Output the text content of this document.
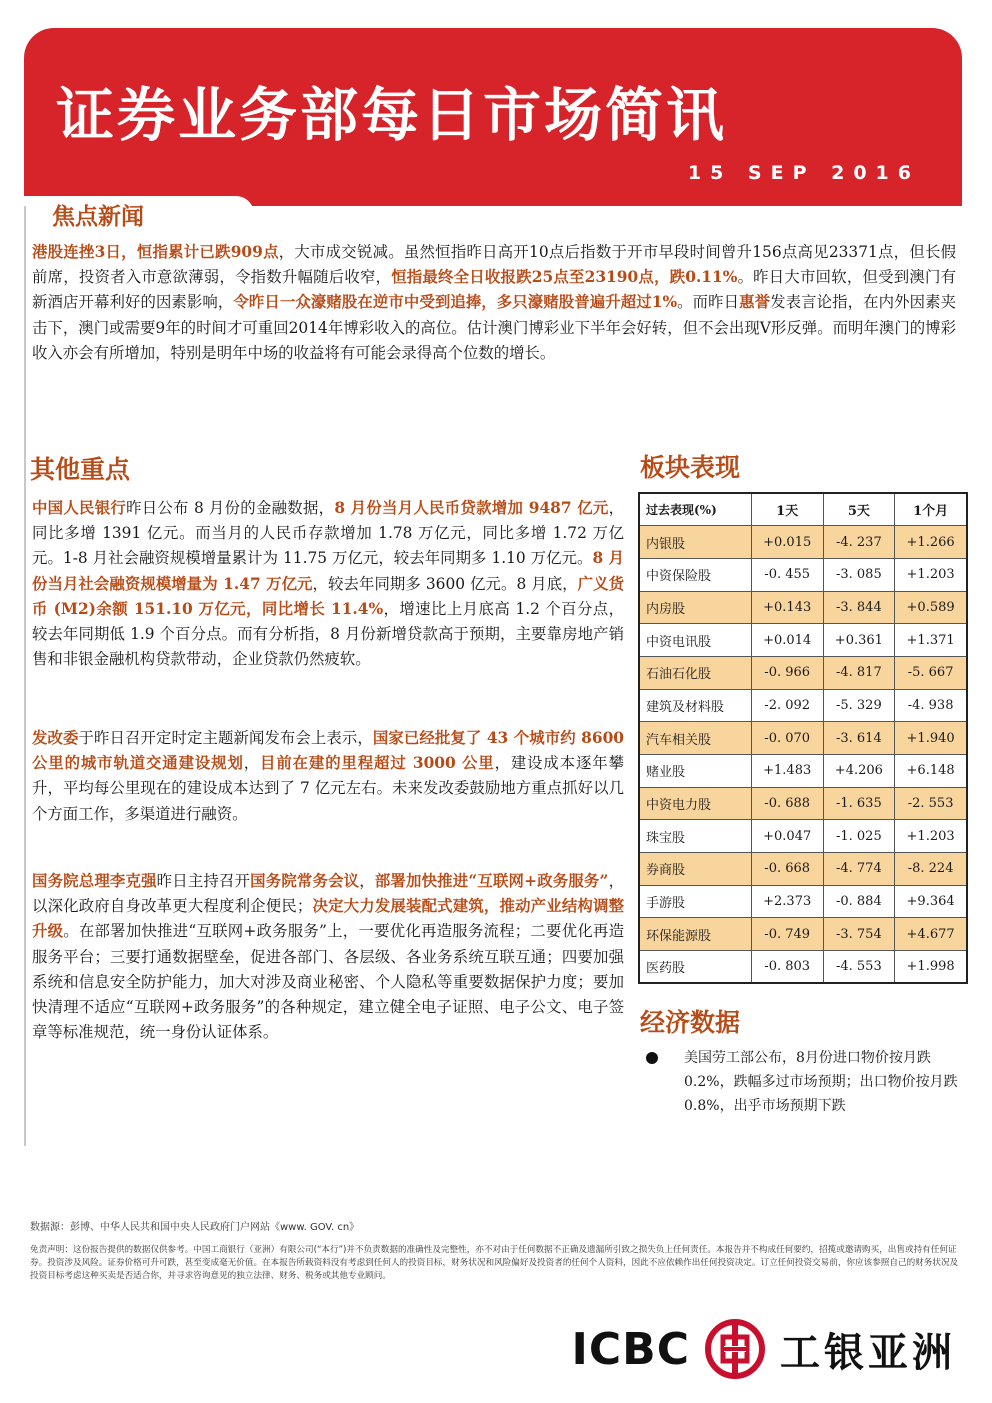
证券业务部每日市场简讯
15 SEP 2016
焦点新闻
港股连挫3日，恒指累计已跌909点，大市成交锐减。虽然恒指昨日高开10点后指数于开市早段时间曾升156点高见23371点，但长假前席，投资者入市意欲薄弱，令指数升幅随后收窄，恒指最终全日收报跌25点至23190点，跌0.11%。昨日大市回软，但受到澳门有新酒店开幕利好的因素影响，令昨日一众濠赌股在逆市中受到追捧，多只濠赌股普遍升超过1%。而昨日惠誉发表言论指，在内外因素夹击下，澳门或需要9年的时间才可重回2014年博彩收入的高位。估计澳门博彩业下半年会好转，但不会出现V形反弹。而明年澳门的博彩收入亦会有所增加，特别是明年中场的收益将有可能会录得高个位数的增长。
其他重点
中国人民银行昨日公布 8 月份的金融数据，8 月份当月人民币贷款增加 9487 亿元，同比多增 1391 亿元。而当月的人民币存款增加 1.78 万亿元，同比多增 1.72 万亿元。1-8 月社会融资规模增量累计为 11.75 万亿元，较去年同期多 1.10 万亿元。8 月份当月社会融资规模增量为 1.47 万亿元，较去年同期多 3600 亿元。8 月底，广义货币 (M2)余额 151.10 万亿元，同比增长 11.4%，增速比上月底高 1.2 个百分点，较去年同期低 1.9 个百分点。而有分析指，8 月份新增贷款高于预期，主要靠房地产销售和非银金融机构贷款带动，企业贷款仍然疲软。
发改委于昨日召开定时定主题新闻发布会上表示，国家已经批复了 43 个城市约 8600 公里的城市轨道交通建设规划，目前在建的里程超过 3000 公里，建设成本逐年攀升，平均每公里现在的建设成本达到了 7 亿元左右。未来发改委鼓励地方重点抓好以几个方面工作，多渠道进行融资。
国务院总理李克强昨日主持召开国务院常务会议，部署加快推进“互联网+政务服务”，以深化政府自身改革更大程度利企便民；决定大力发展装配式建筑，推动产业结构调整升级。在部署加快推进“互联网+政务服务”上，一要优化再造服务流程；二要优化再造服务平台；三要打通数据壁垒，促进各部门、各层级、各业务系统互联互通；四要加强系统和信息安全防护能力，加大对涉及商业秘密、个人隐私等重要数据保护力度；要加快清理不适应“互联网+政务服务”的各种规定，建立健全电子证照、电子公文、电子签章等标准规范，统一身份认证体系。
板块表现
过去表现(%)	1天	5天	1个月
内银股	+0.015	-4. 237	+1.266
中资保险股	-0. 455	-3. 085	+1.203
内房股	+0.143	-3. 844	+0.589
中资电讯股	+0.014	+0.361	+1.371
石油石化股	-0. 966	-4. 817	-5. 667
建筑及材料股	-2. 092	-5. 329	-4. 938
汽车相关股	-0. 070	-3. 614	+1.940
赌业股	+1.483	+4.206	+6.148
中资电力股	-0. 688	-1. 635	-2. 553
珠宝股	+0.047	-1. 025	+1.203
券商股	-0. 668	-4. 774	-8. 224
手游股	+2.373	-0. 884	+9.364
环保能源股	-0. 749	-3. 754	+4.677
医药股	-0. 803	-4. 553	+1.998
经济数据
美国劳工部公布，8月份进口物价按月跌0.2%，跌幅多过市场预期；出口物价按月跌0.8%，出乎市场预期下跌
数据源：彭博、中华人民共和国中央人民政府门户网站《www. GOV. cn》
免责声明：这份报告提供的数据仅供参考。中国工商银行（亚洲）有限公司(“本行”)并不负责数据的准确性及完整性，亦不对由于任何数据不正确及遗漏所引致之损失负上任何责任。本报告并不构成任何要约，招揽或邀请购买，出售或持有任何证券。投资涉及风险。证券价格可升可跌，甚至变成毫无价值。在本报告所载资料没有考虑到任何人的投资目标，财务状况和风险偏好及投资者的任何个人资料，因此不应依赖作出任何投资决定。订立任何投资交易前，你应该参照自己的财务状况及投资目标考虑这种买卖是否适合你，并寻求咨询意见的独立法律、财务、税务或其他专业顾问。
ICBC 工银亚洲
